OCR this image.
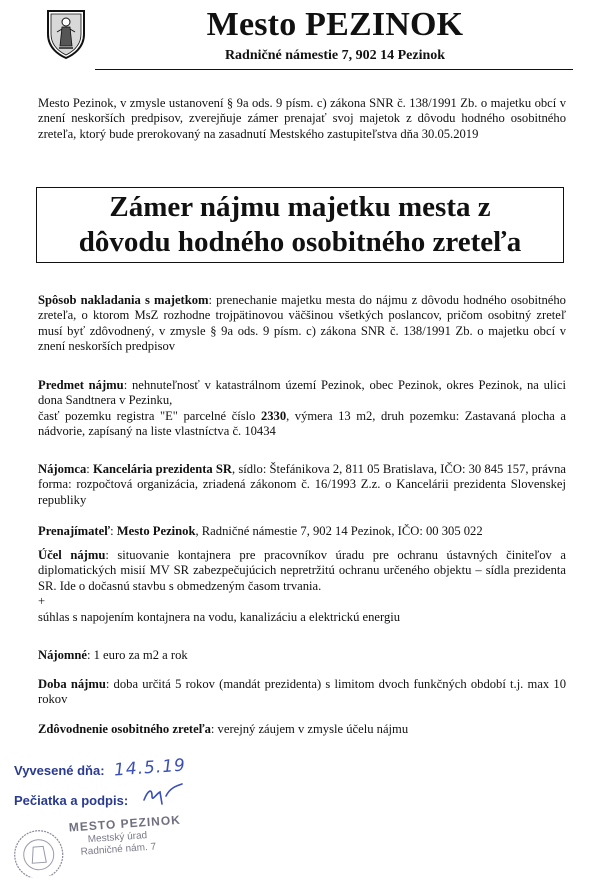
Mesto PEZINOK
Radničné námestie 7, 902 14 Pezinok
Mesto Pezinok, v zmysle ustanovení § 9a ods. 9 písm. c) zákona SNR č. 138/1991 Zb. o majetku obcí v znení neskorších predpisov, zverejňuje zámer prenajať svoj majetok z dôvodu hodného osobitného zreteľa, ktorý bude prerokovaný na zasadnutí Mestského zastupiteľstva dňa 30.05.2019
Zámer nájmu majetku mesta z
dôvodu hodného osobitného zreteľa
Spôsob nakladania s majetkom: prenechanie majetku mesta do nájmu z dôvodu hodného osobitného zreteľa, o ktorom MsZ rozhodne trojpätinovou väčšinou všetkých poslancov, pričom osobitný zreteľ musí byť zdôvodnený, v zmysle § 9a ods. 9 písm. c) zákona SNR č. 138/1991 Zb. o majetku obcí v znení neskorších predpisov
Predmet nájmu: nehnuteľnosť v katastrálnom území Pezinok, obec Pezinok, okres Pezinok, na ulici dona Sandtnera v Pezinku,
časť pozemku registra "E" parcelné číslo 2330, výmera 13 m2, druh pozemku: Zastavaná plocha a nádvorie, zapísaný na liste vlastníctva č. 10434
Nájomca: Kancelária prezidenta SR, sídlo: Štefánikova 2, 811 05 Bratislava, IČO: 30 845 157, právna forma: rozpočtová organizácia, zriadená zákonom č. 16/1993 Z.z. o Kancelárii prezidenta Slovenskej republiky
Prenajímateľ: Mesto Pezinok, Radničné námestie 7, 902 14 Pezinok, IČO: 00 305 022
Účel nájmu: situovanie kontajnera pre pracovníkov úradu pre ochranu ústavných činiteľov a diplomatických misií MV SR zabezpečujúcich nepretržitú ochranu určeného objektu – sídla prezidenta SR. Ide o dočasnú stavbu s obmedzeným časom trvania.
+
súhlas s napojením kontajnera na vodu, kanalizáciu a elektrickú energiu
Nájomné: 1 euro za m2 a rok
Doba nájmu: doba určitá 5 rokov (mandát prezidenta) s limitom dvoch funkčných období t.j. max 10 rokov
Zdôvodnenie osobitného zreteľa: verejný záujem v zmysle účelu nájmu
Vyvesené dňa: 14.5.19
Pečiatka a podpis:
MESTO PEZINOK
Mestský úrad
Radničné nám. 7
